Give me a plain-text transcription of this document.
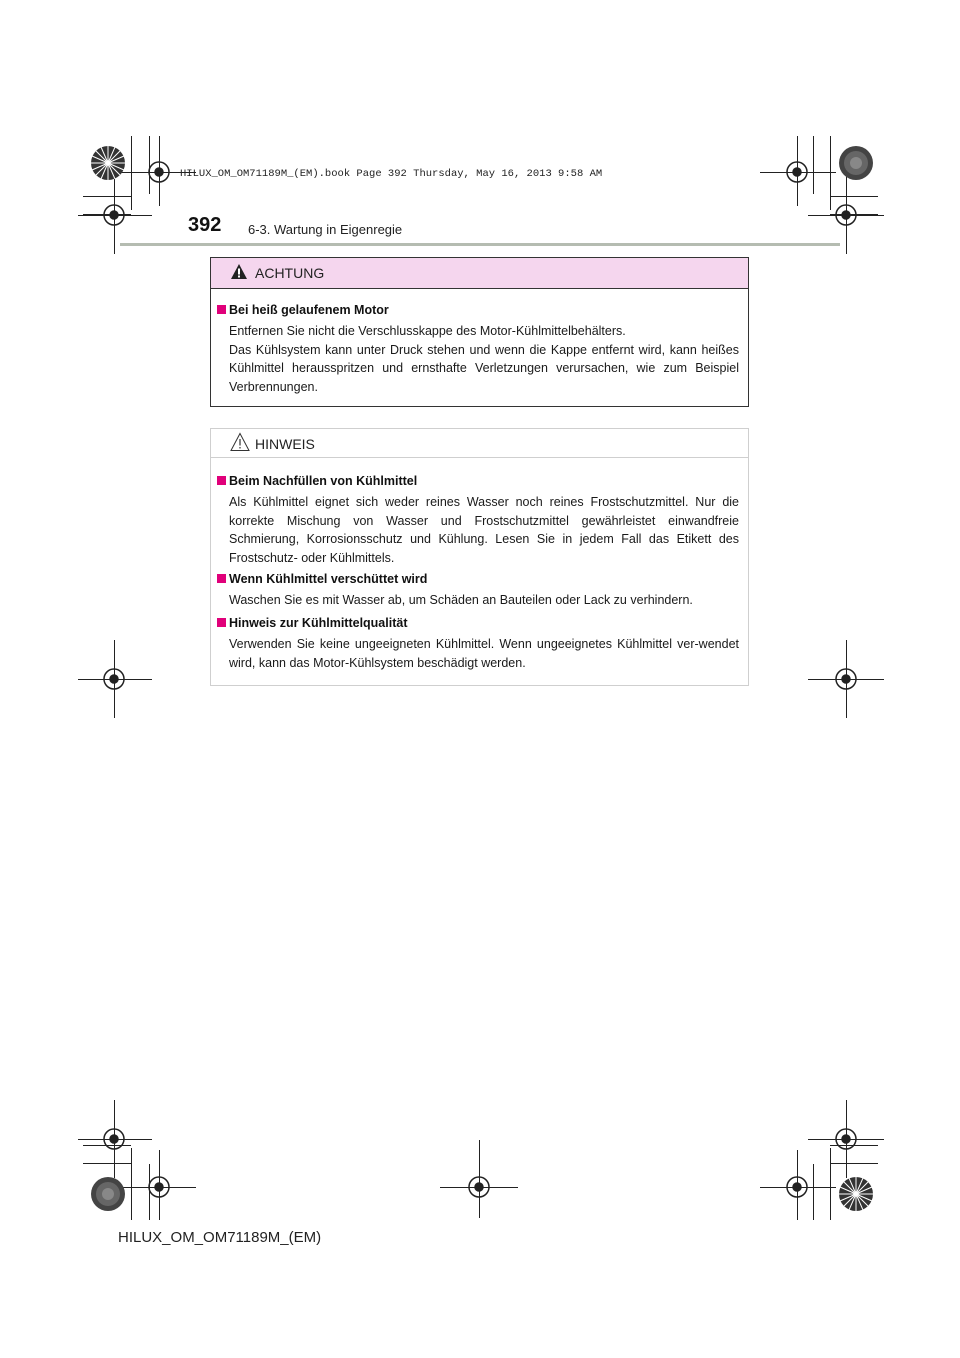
HILUX_OM_OM71189M_(EM).book Page 392 Thursday, May 16, 2013 9:58 AM
392 6-3. Wartung in Eigenregie
ACHTUNG
Bei heiß gelaufenem Motor

Entfernen Sie nicht die Verschlusskappe des Motor-Kühlmittelbehälters.

Das Kühlsystem kann unter Druck stehen und wenn die Kappe entfernt wird, kann heißes Kühlmittel herausspritzen und ernsthafte Verletzungen verursachen, wie zum Beispiel Verbrennungen.

HINWEIS
Beim Nachfüllen von Kühlmittel

Als Kühlmittel eignet sich weder reines Wasser noch reines Frostschutzmittel. Nur die korrekte Mischung von Wasser und Frostschutzmittel gewährleistet einwandfreie Schmierung, Korrosionsschutz und Kühlung. Lesen Sie in jedem Fall das Etikett des Frostschutz- oder Kühlmittels.

Wenn Kühlmittel verschüttet wird

Waschen Sie es mit Wasser ab, um Schäden an Bauteilen oder Lack zu verhindern.

Hinweis zur Kühlmittelqualität

Verwenden Sie keine ungeeigneten Kühlmittel. Wenn ungeeignetes Kühlmittel ver-wendet wird, kann das Motor-Kühlsystem beschädigt werden.

HILUX_OM_OM71189M_(EM)
